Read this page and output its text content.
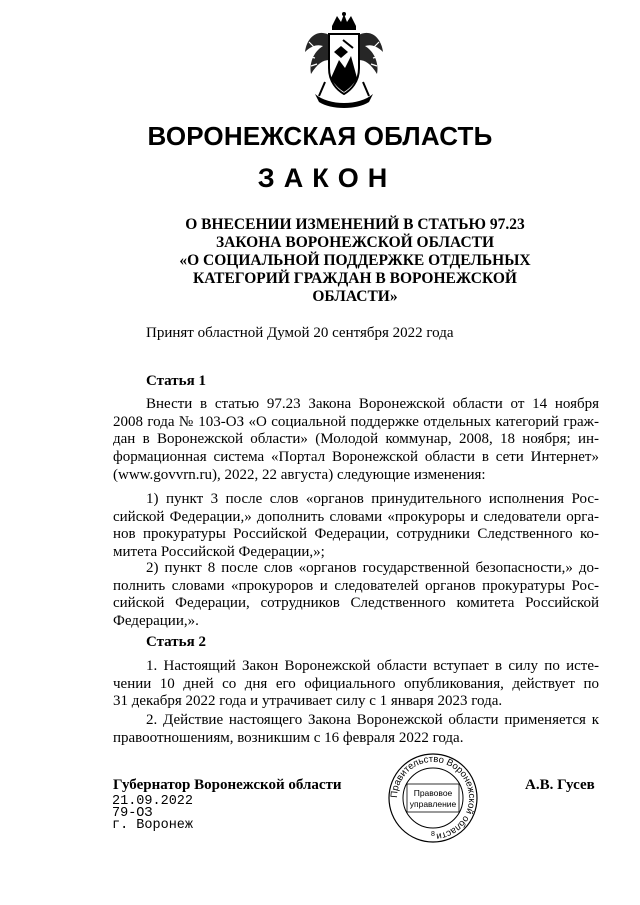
ВОРОНЕЖСКАЯ ОБЛАСТЬ
ЗАКОН
О ВНЕСЕНИИ ИЗМЕНЕНИЙ В СТАТЬЮ 97.23
ЗАКОНА ВОРОНЕЖСКОЙ ОБЛАСТИ
«О СОЦИАЛЬНОЙ ПОДДЕРЖКЕ ОТДЕЛЬНЫХ
КАТЕГОРИЙ ГРАЖДАН В ВОРОНЕЖСКОЙ
ОБЛАСТИ»
Принят областной Думой 20 сентября 2022 года
Статья 1
Внести в статью 97.23 Закона Воронежской области от 14 ноября
2008 года № 103-ОЗ «О социальной поддержке отдельных категорий граж-
дан в Воронежской области» (Молодой коммунар, 2008, 18 ноября; ин-
формационная система «Портал Воронежской области в сети Интернет»
(www.govvrn.ru), 2022, 22 августа) следующие изменения:
1) пункт 3 после слов «органов принудительного исполнения Рос-
сийской Федерации,» дополнить словами «прокуроры и следователи орга-
нов прокуратуры Российской Федерации, сотрудники Следственного ко-
митета Российской Федерации,»;
2) пункт 8 после слов «органов государственной безопасности,» до-
полнить словами «прокуроров и следователей органов прокуратуры Рос-
сийской Федерации, сотрудников Следственного комитета Российской
Федерации,».
Статья 2
1. Настоящий Закон Воронежской области вступает в силу по исте-
чении 10 дней со дня его официального опубликования, действует по
31 декабря 2022 года и утрачивает силу с 1 января 2023 года.
2. Действие настоящего Закона Воронежской области применяется к
правоотношениям, возникшим с 16 февраля 2022 года.
Губернатор Воронежской области	А.В. Гусев
21.09.2022
79-ОЗ
г. Воронеж
Правительство Воронежской области
Правовое
управление
8
